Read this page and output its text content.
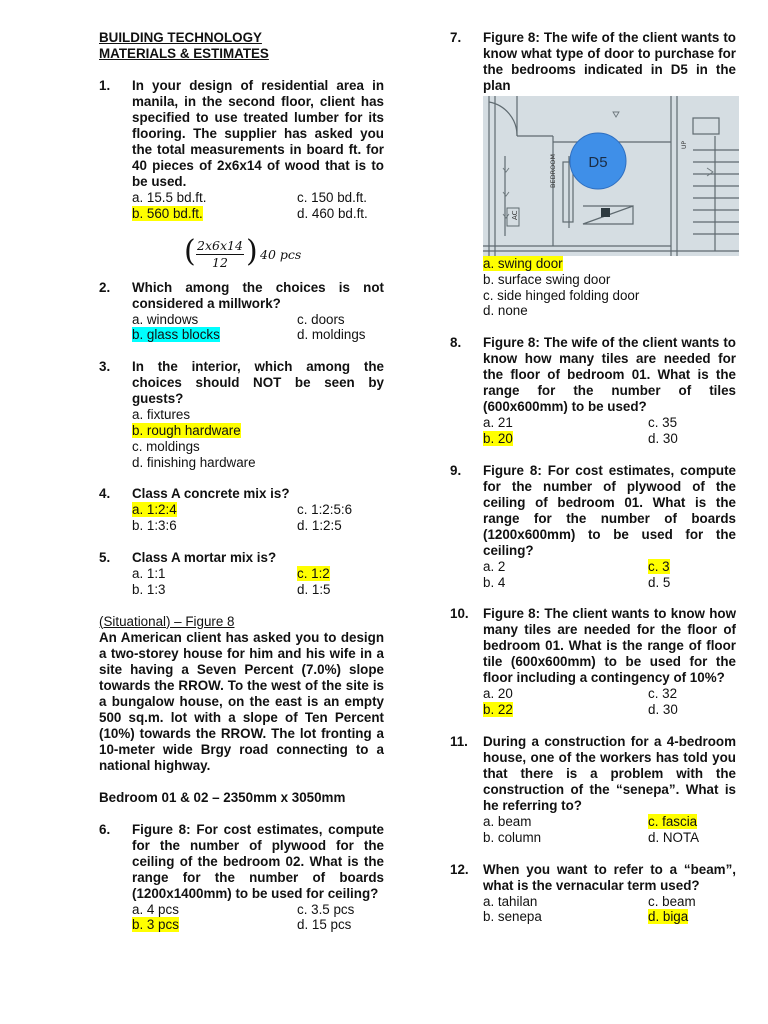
BUILDING TECHNOLOGY
MATERIALS & ESTIMATES
1. In your design of residential area in manila, in the second floor, client has specified to use treated lumber for its flooring. The supplier has asked you the total measurements in board ft. for 40 pieces of 2x6x14 of wood that is to be used.
a. 15.5 bd.ft.	c. 150 bd.ft.
b. 560 bd.ft.	d. 460 bd.ft.
( $\frac{2x6x14}{12}$ ) 40 pcs
2. Which among the choices is not considered a millwork?
a. windows	c. doors
b. glass blocks	d. moldings
3. In the interior, which among the choices should NOT be seen by guests?
a. fixtures
b. rough hardware
c. moldings
d. finishing hardware
4. Class A concrete mix is?
a. 1:2:4	c. 1:2:5:6
b. 1:3:6	d. 1:2:5
5. Class A mortar mix is?
a. 1:1	c. 1:2
b. 1:3	d. 1:5
(Situational) – Figure 8
An American client has asked you to design a two-storey house for him and his wife in a site having a Seven Percent (7.0%) slope towards the RROW. To the west of the site is a bungalow house, on the east is an empty 500 sq.m. lot with a slope of Ten Percent (10%) towards the RROW. The lot fronting a 10-meter wide Brgy road connecting to a national highway.
Bedroom 01 & 02 – 2350mm x 3050mm
6. Figure 8: For cost estimates, compute for the number of plywood for the ceiling of the bedroom 02. What is the range for the number of boards (1200x1400mm) to be used for ceiling?
a. 4 pcs	c. 3.5 pcs
b. 3 pcs	d. 15 pcs
7. Figure 8: The wife of the client wants to know what type of door to purchase for the bedrooms indicated in D5 in the plan
AC
BEDROOM
UP
D5
a. swing door
b. surface swing door
c. side hinged folding door
d. none
8. Figure 8: The wife of the client wants to know how many tiles are needed for the floor of bedroom 01. What is the range for the number of tiles (600x600mm) to be used?
a. 21	c. 35
b. 20	d. 30
9. Figure 8: For cost estimates, compute for the number of plywood of the ceiling of bedroom 01. What is the range for the number of boards (1200x600mm) to be used for the ceiling?
a. 2	c. 3
b. 4	d. 5
10. Figure 8: The client wants to know how many tiles are needed for the floor of bedroom 01. What is the range of floor tile (600x600mm) to be used for the floor including a contingency of 10%?
a. 20	c. 32
b. 22	d. 30
11. During a construction for a 4-bedroom house, one of the workers has told you that there is a problem with the construction of the “senepa”. What is he referring to?
a. beam	c. fascia
b. column	d. NOTA
12. When you want to refer to a “beam”, what is the vernacular term used?
a. tahilan	c. beam
b. senepa	d. biga
